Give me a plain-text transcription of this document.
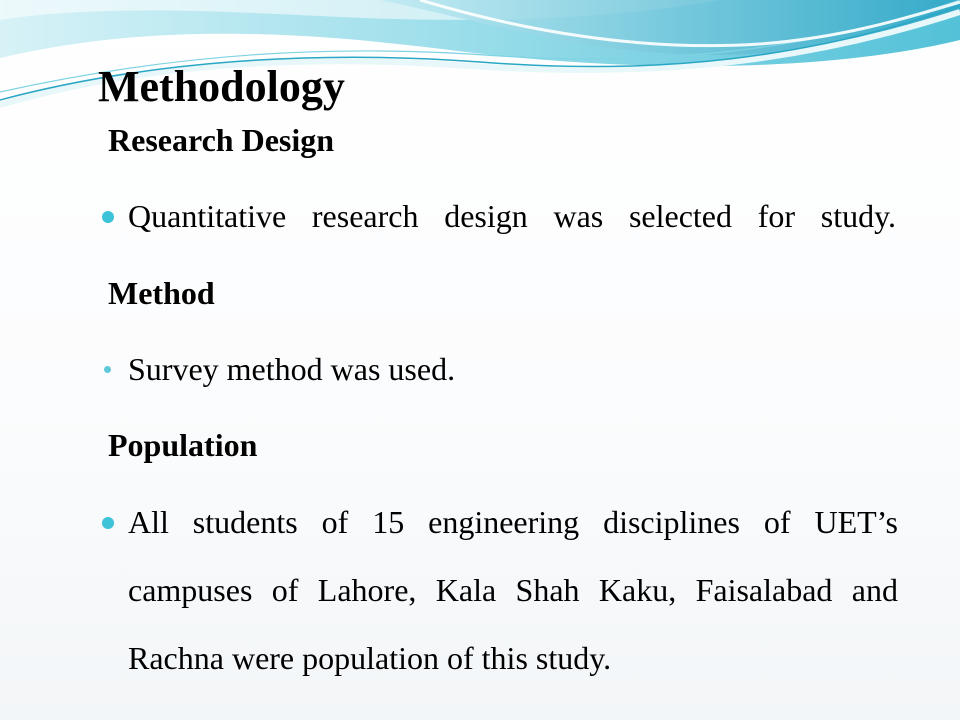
Methodology
Research Design

Quantitative research design was selected for study.

Method

Survey method was used.

Population

All students of 15 engineering disciplines of UET’s campuses of Lahore, Kala Shah Kaku, Faisalabad and Rachna were population of this study.
